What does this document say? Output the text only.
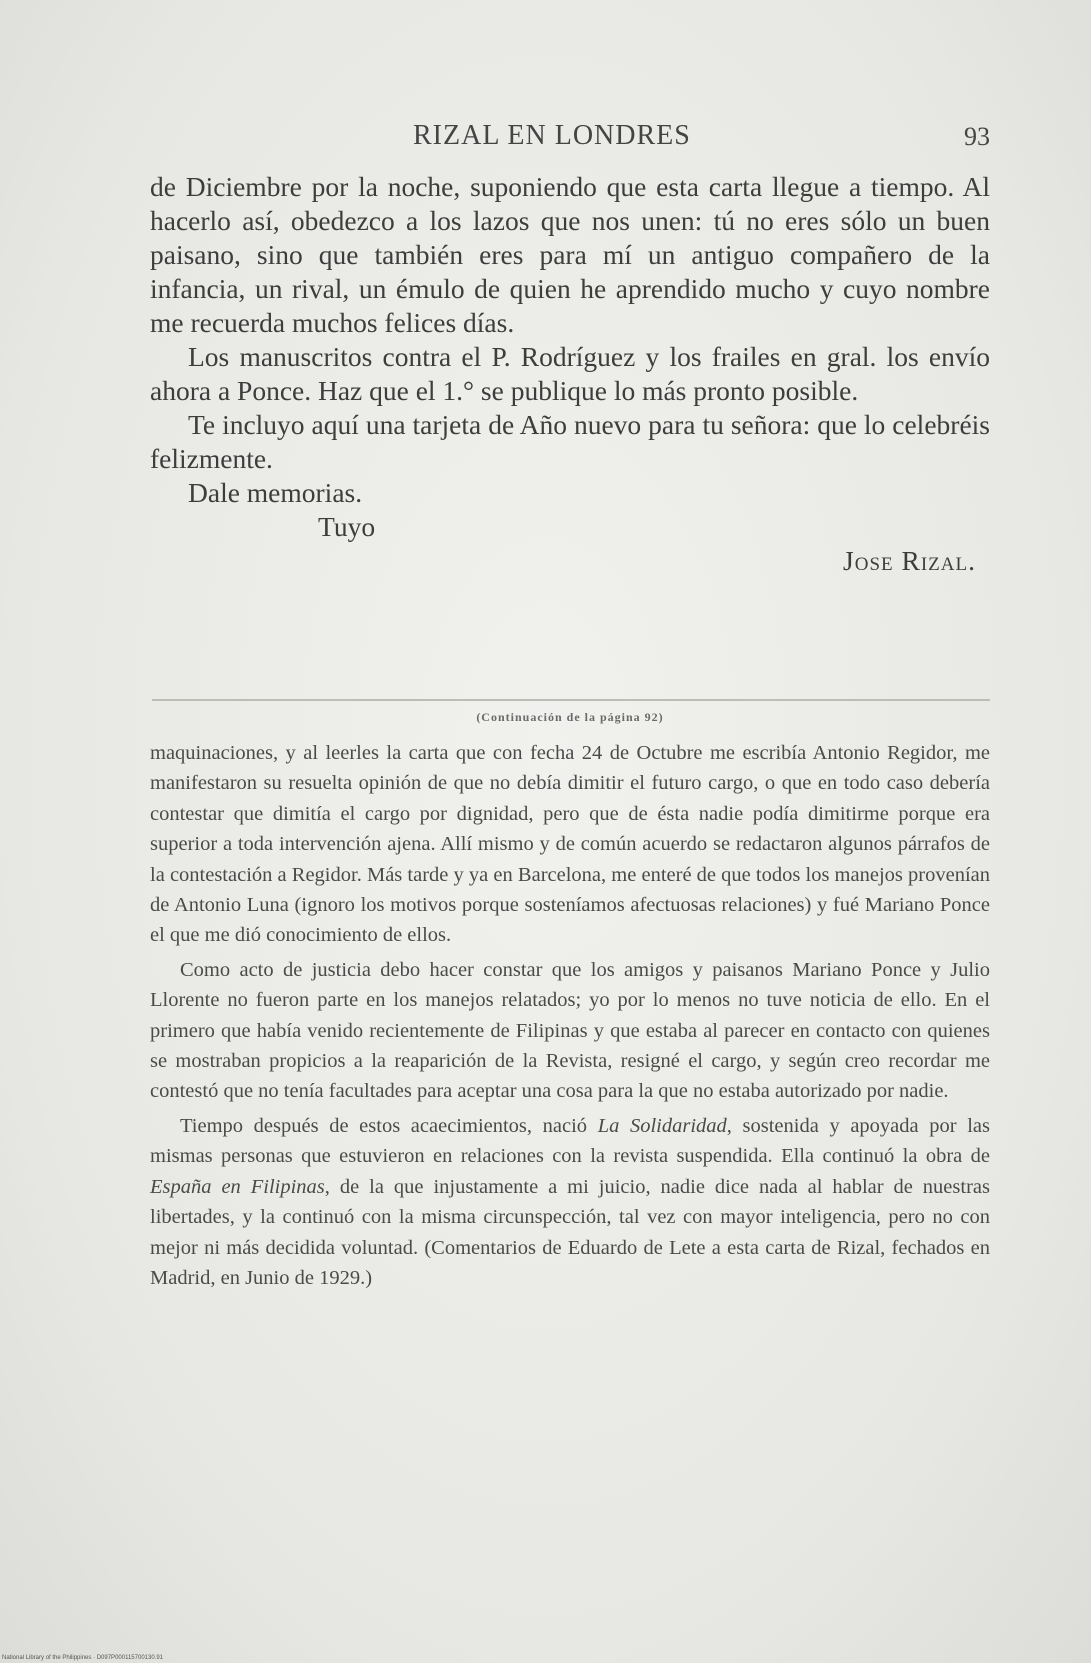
RIZAL EN LONDRES	93

de Diciembre por la noche, suponiendo que esta carta llegue a tiempo. Al hacerlo así, obedezco a los lazos que nos unen: tú no eres sólo un buen paisano, sino que también eres para mí un antiguo compañero de la infancia, un rival, un émulo de quien he aprendido mucho y cuyo nombre me recuerda muchos felices días.

Los manuscritos contra el P. Rodríguez y los frailes en gral. los envío ahora a Ponce. Haz que el 1.° se publique lo más pronto posible.

Te incluyo aquí una tarjeta de Año nuevo para tu señora: que lo celebréis felizmente.

Dale memorias.

Tuyo

Jose Rizal.

(Continuación de la página 92)

maquinaciones, y al leerles la carta que con fecha 24 de Octubre me escribía Antonio Regidor, me manifestaron su resuelta opinión de que no debía dimitir el futuro cargo, o que en todo caso debería contestar que dimitía el cargo por dignidad, pero que de ésta nadie podía dimitirme porque era superior a toda intervención ajena. Allí mismo y de común acuerdo se redactaron algunos párrafos de la contestación a Regidor. Más tarde y ya en Barcelona, me enteré de que todos los manejos provenían de Antonio Luna (ignoro los motivos porque sosteníamos afectuosas relaciones) y fué Mariano Ponce el que me dió conocimiento de ellos.

Como acto de justicia debo hacer constar que los amigos y paisanos Mariano Ponce y Julio Llorente no fueron parte en los manejos relatados; yo por lo menos no tuve noticia de ello. En el primero que había venido recientemente de Filipinas y que estaba al parecer en contacto con quienes se mostraban propicios a la reaparición de la Revista, resigné el cargo, y según creo recordar me contestó que no tenía facultades para aceptar una cosa para la que no estaba autorizado por nadie.

Tiempo después de estos acaecimientos, nació La Solidaridad, sostenida y apoyada por las mismas personas que estuvieron en relaciones con la revista suspendida. Ella continuó la obra de España en Filipinas, de la que injustamente a mi juicio, nadie dice nada al hablar de nuestras libertades, y la continuó con la misma circunspección, tal vez con mayor inteligencia, pero no con mejor ni más decidida voluntad. (Comentarios de Eduardo de Lete a esta carta de Rizal, fechados en Madrid, en Junio de 1929.)

National Library of the Philippines · D097P000115700130.91
